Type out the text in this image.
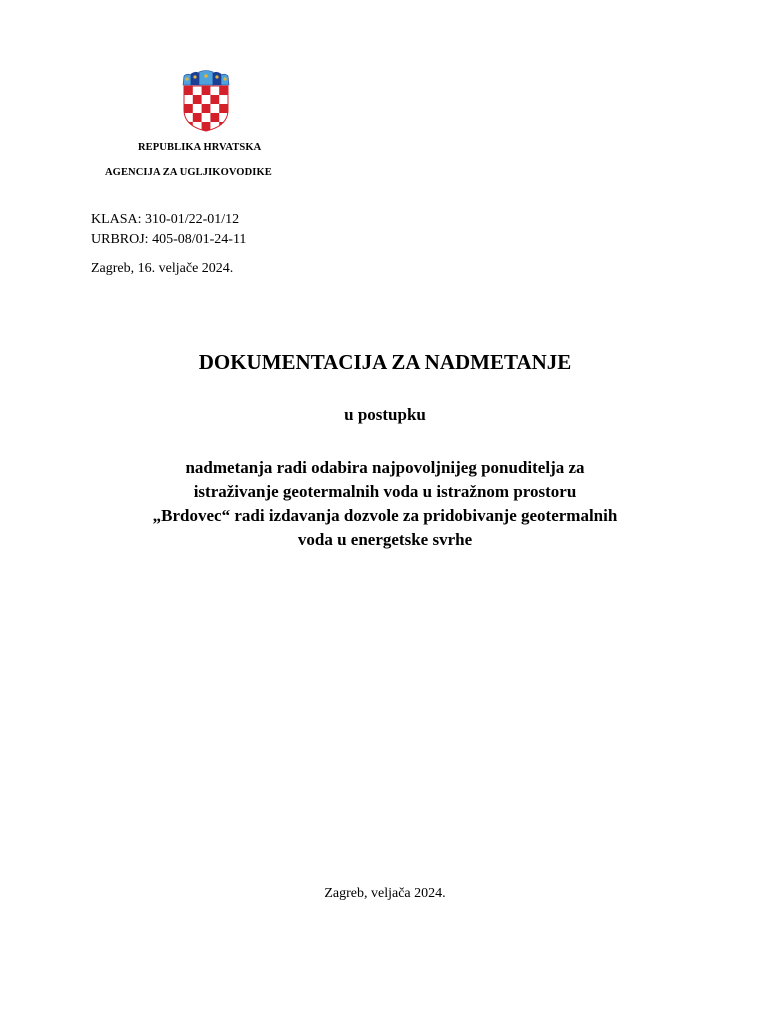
REPUBLIKA HRVATSKA
AGENCIJA ZA UGLJIKOVODIKE
KLASA: 310-01/22-01/12
URBROJ: 405-08/01-24-11
Zagreb, 16. veljače 2024.
DOKUMENTACIJA ZA NADMETANJE
u postupku
nadmetanja radi odabira najpovoljnijeg ponuditelja za
istraživanje geotermalnih voda u istražnom prostoru
„Brdovec“ radi izdavanja dozvole za pridobivanje geotermalnih
voda u energetske svrhe
Zagreb, veljača 2024.
